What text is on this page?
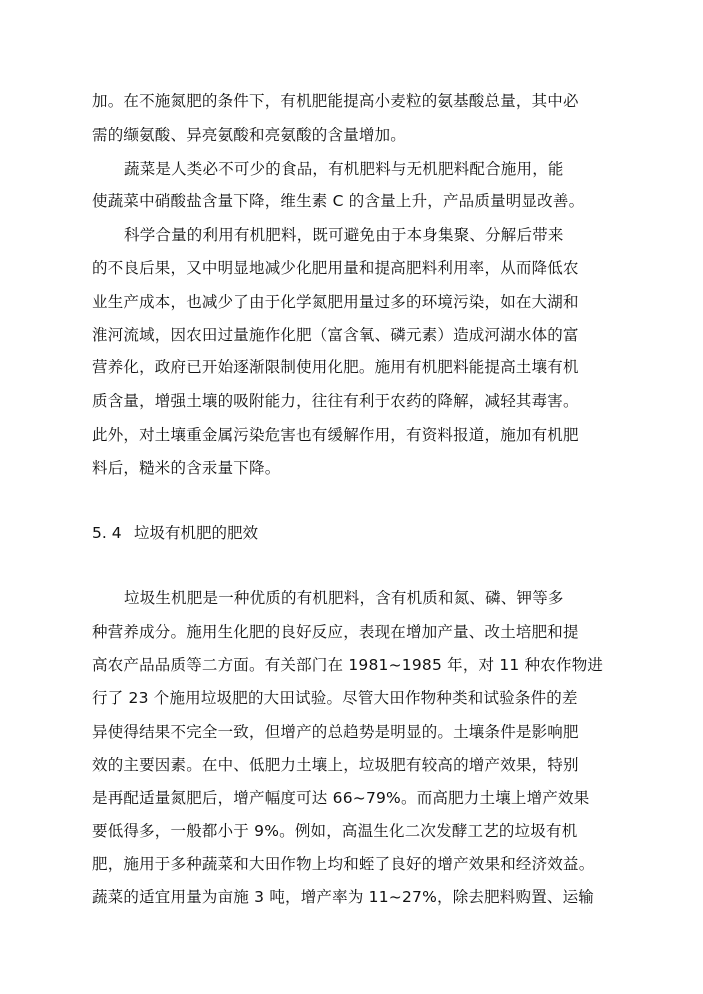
加。在不施氮肥的条件下，有机肥能提高小麦粒的氨基酸总量，其中必
需的缬氨酸、异亮氨酸和亮氨酸的含量增加。
蔬菜是人类必不可少的食品，有机肥料与无机肥料配合施用，能
使蔬菜中硝酸盐含量下降，维生素 C 的含量上升，产品质量明显改善。
科学合量的利用有机肥料，既可避免由于本身集聚、分解后带来
的不良后果，又中明显地减少化肥用量和提高肥料利用率，从而降低农
业生产成本，也减少了由于化学氮肥用量过多的环境污染，如在大湖和
淮河流域，因农田过量施作化肥（富含氧、磷元素）造成河湖水体的富
营养化，政府已开始逐渐限制使用化肥。施用有机肥料能提高土壤有机
质含量，增强土壤的吸附能力，往往有利于农药的降解，减轻其毒害。
此外，对土壤重金属污染危害也有缓解作用，有资料报道，施加有机肥
料后，糙米的含汞量下降。
5. 4 垃圾有机肥的肥效
垃圾生机肥是一种优质的有机肥料，含有机质和氮、磷、钾等多
种营养成分。施用生化肥的良好反应，表现在增加产量、改土培肥和提
高农产品品质等二方面。有关部门在 1981~1985 年，对 11 种农作物进
行了 23 个施用垃圾肥的大田试验。尽管大田作物种类和试验条件的差
异使得结果不完全一致，但增产的总趋势是明显的。土壤条件是影响肥
效的主要因素。在中、低肥力土壤上，垃圾肥有较高的增产效果，特别
是再配适量氮肥后，增产幅度可达 66~79%。而高肥力土壤上增产效果
要低得多，一般都小于 9%。例如，高温生化二次发酵工艺的垃圾有机
肥，施用于多种蔬菜和大田作物上均和蛭了良好的增产效果和经济效益。
蔬菜的适宜用量为亩施 3 吨，增产率为 11~27%，除去肥料购置、运输
